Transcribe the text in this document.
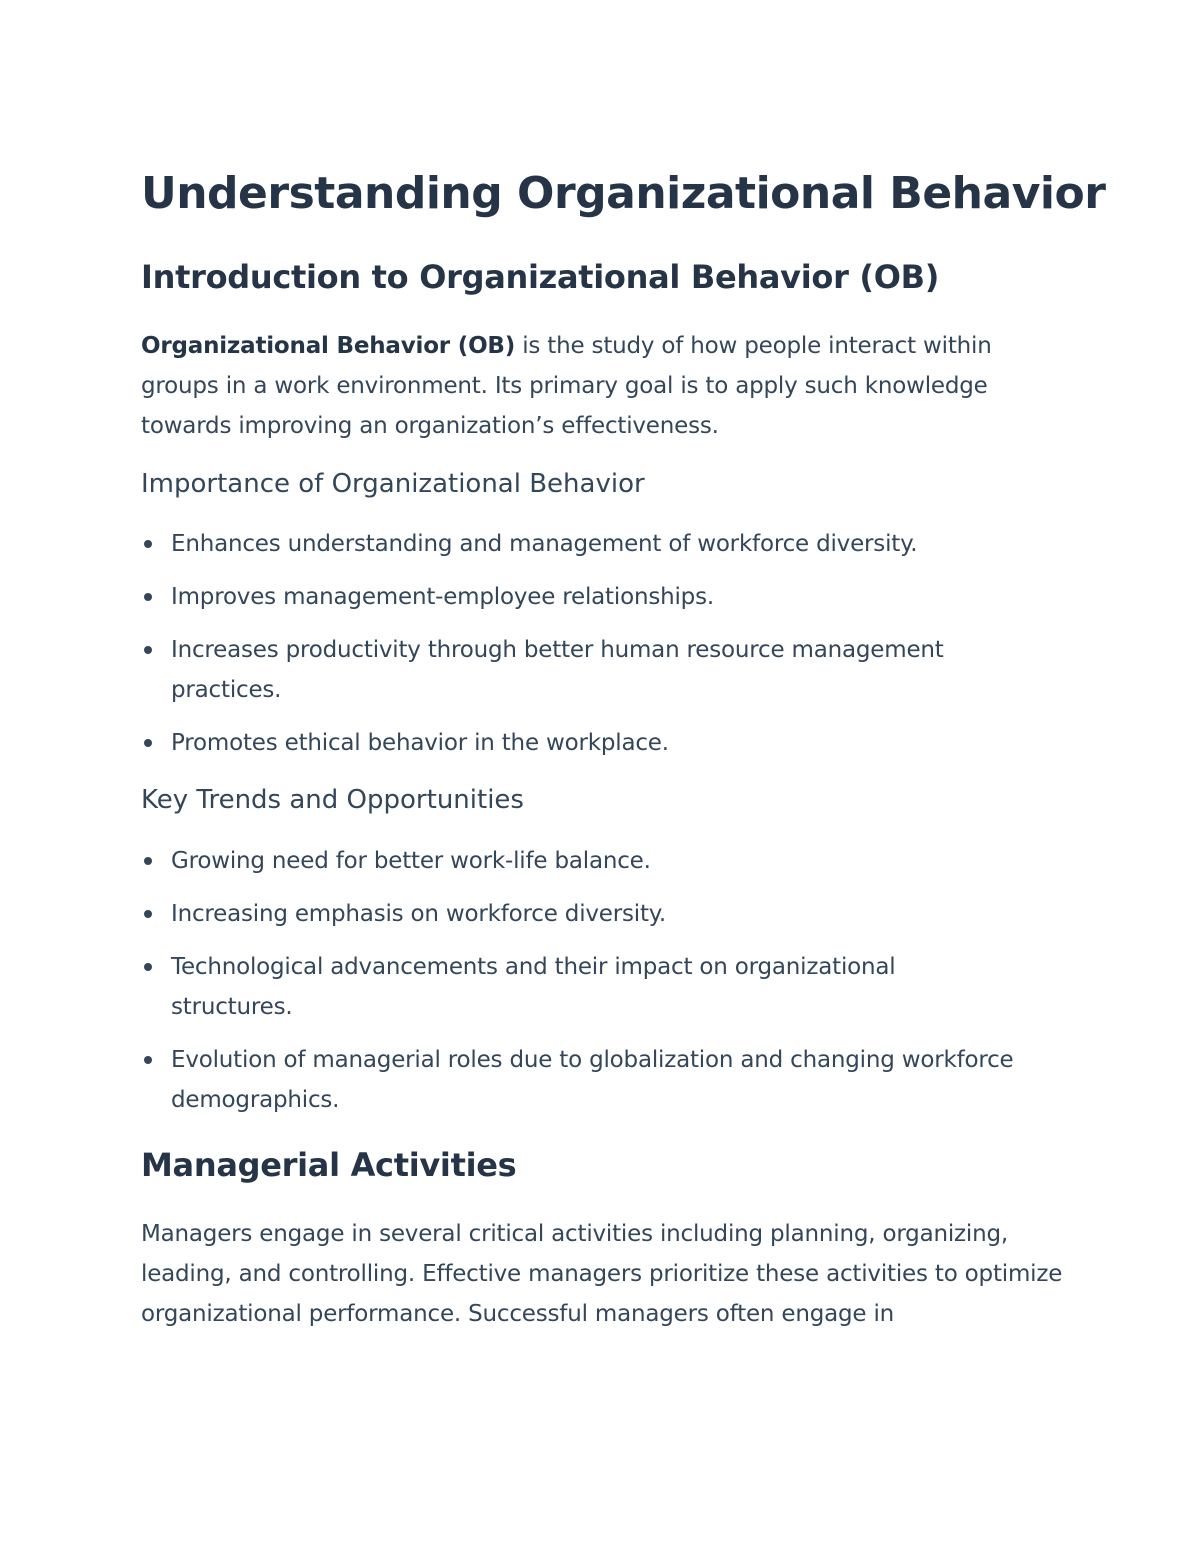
Understanding Organizational Behavior
Introduction to Organizational Behavior (OB)

Organizational Behavior (OB) is the study of how people interact within groups in a work environment. Its primary goal is to apply such knowledge towards improving an organization’s effectiveness.

Importance of Organizational Behavior
Enhances understanding and management of workforce diversity.
Improves management-employee relationships.
Increases productivity through better human resource management practices.
Promotes ethical behavior in the workplace.
Key Trends and Opportunities
Growing need for better work-life balance.
Increasing emphasis on workforce diversity.
Technological advancements and their impact on organizational structures.
Evolution of managerial roles due to globalization and changing workforce demographics.
Managerial Activities

Managers engage in several critical activities including planning, organizing, leading, and controlling. Effective managers prioritize these activities to optimize organizational performance. Successful managers often engage in
